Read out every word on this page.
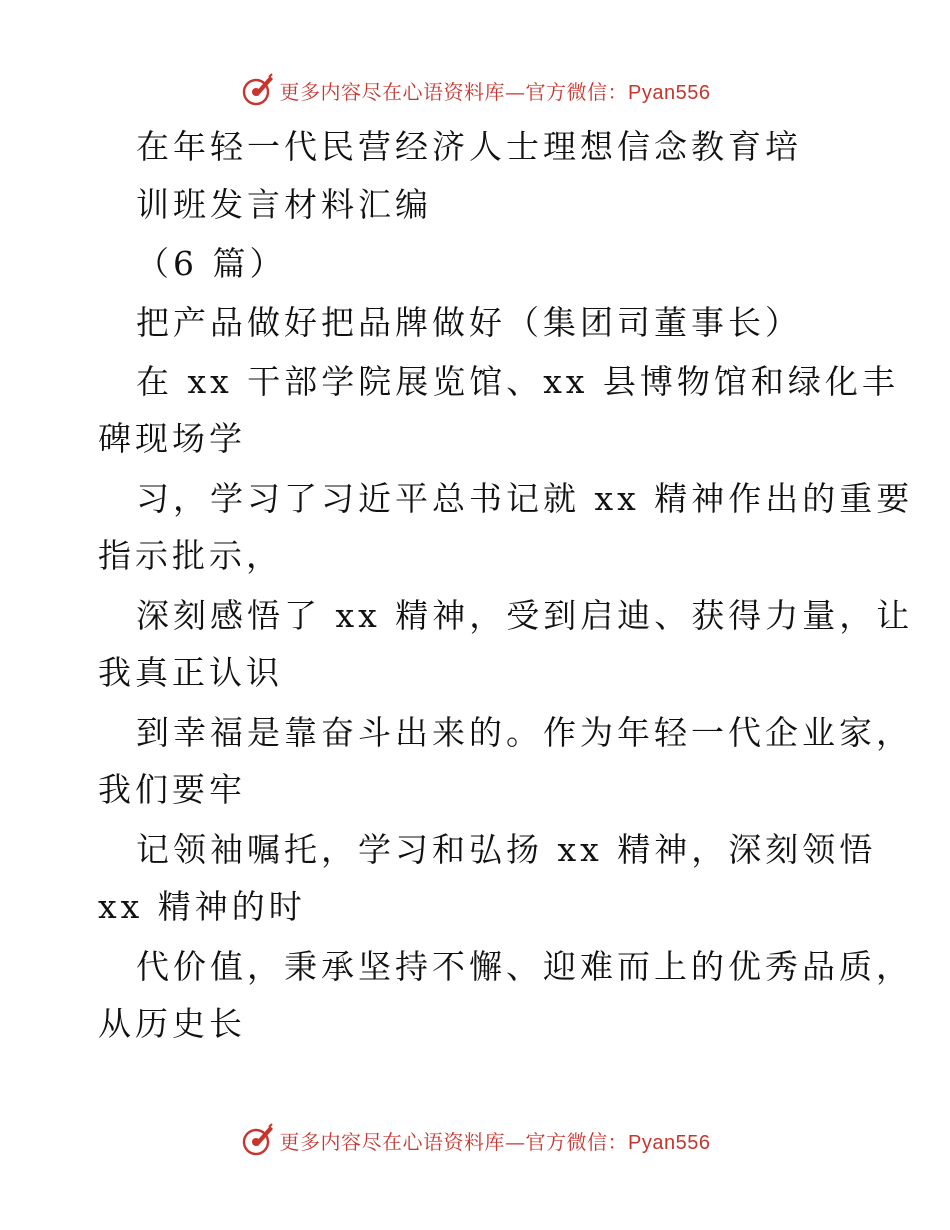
更多内容尽在心语资料库—官方微信：Pyan556
在年轻一代民营经济人士理想信念教育培
训班发言材料汇编
（6 篇）
把产品做好把品牌做好（集团司董事长）
在 xx 干部学院展览馆、xx 县博物馆和绿化丰
碑现场学
习，学习了习近平总书记就 xx 精神作出的重要
指示批示，
深刻感悟了 xx 精神，受到启迪、获得力量，让
我真正认识
到幸福是靠奋斗出来的。作为年轻一代企业家，
我们要牢
记领袖嘱托，学习和弘扬 xx 精神，深刻领悟
xx 精神的时
代价值，秉承坚持不懈、迎难而上的优秀品质，
从历史长
更多内容尽在心语资料库—官方微信：Pyan556
